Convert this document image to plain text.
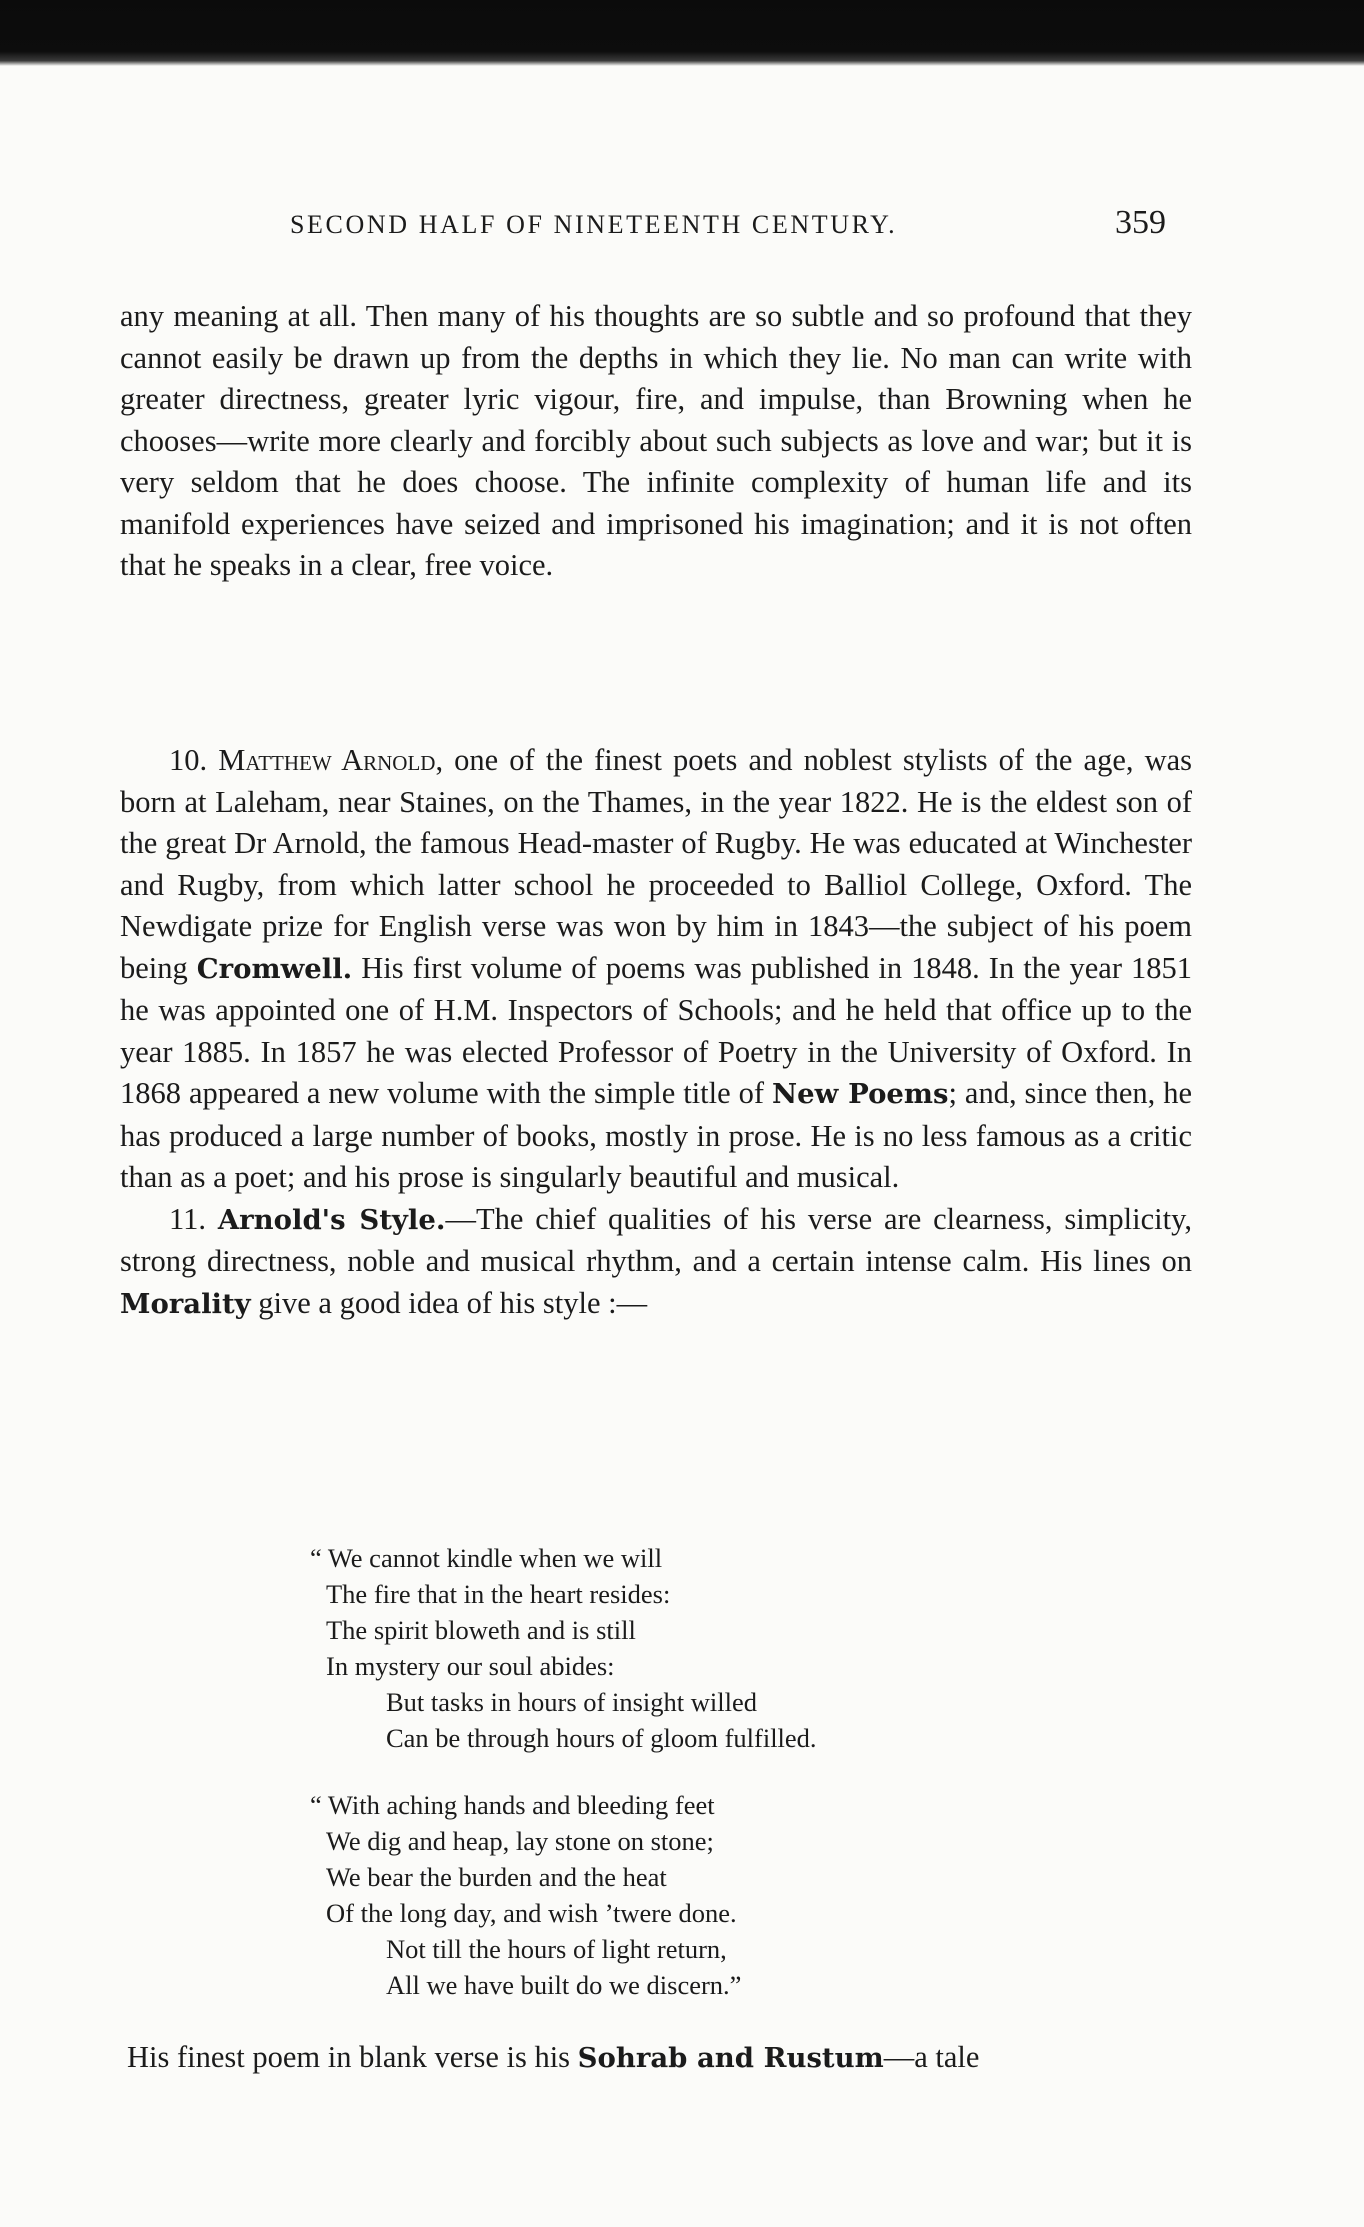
SECOND HALF OF NINETEENTH CENTURY.	359

any meaning at all. Then many of his thoughts are so subtle and so profound that they cannot easily be drawn up from the depths in which they lie. No man can write with greater directness, greater lyric vigour, fire, and impulse, than Browning when he chooses—write more clearly and forcibly about such subjects as love and war; but it is very seldom that he does choose. The infinite complexity of human life and its manifold experiences have seized and imprisoned his imagination; and it is not often that he speaks in a clear, free voice.

10. Matthew Arnold, one of the finest poets and noblest stylists of the age, was born at Laleham, near Staines, on the Thames, in the year 1822. He is the eldest son of the great Dr Arnold, the famous Head-master of Rugby. He was educated at Winchester and Rugby, from which latter school he proceeded to Balliol College, Oxford. The Newdigate prize for English verse was won by him in 1843—the subject of his poem being Cromwell. His first volume of poems was published in 1848. In the year 1851 he was appointed one of H.M. Inspectors of Schools; and he held that office up to the year 1885. In 1857 he was elected Professor of Poetry in the University of Oxford. In 1868 appeared a new volume with the simple title of New Poems; and, since then, he has produced a large number of books, mostly in prose. He is no less famous as a critic than as a poet; and his prose is singularly beautiful and musical.

11. Arnold's Style.—The chief qualities of his verse are clearness, simplicity, strong directness, noble and musical rhythm, and a certain intense calm. His lines on Morality give a good idea of his style :—

“ We cannot kindle when we will
The fire that in the heart resides:
The spirit bloweth and is still
In mystery our soul abides:
But tasks in hours of insight willed
Can be through hours of gloom fulfilled.
“ With aching hands and bleeding feet
We dig and heap, lay stone on stone;
We bear the burden and the heat
Of the long day, and wish ’twere done.
Not till the hours of light return,
All we have built do we discern.”
His finest poem in blank verse is his Sohrab and Rustum—a tale
